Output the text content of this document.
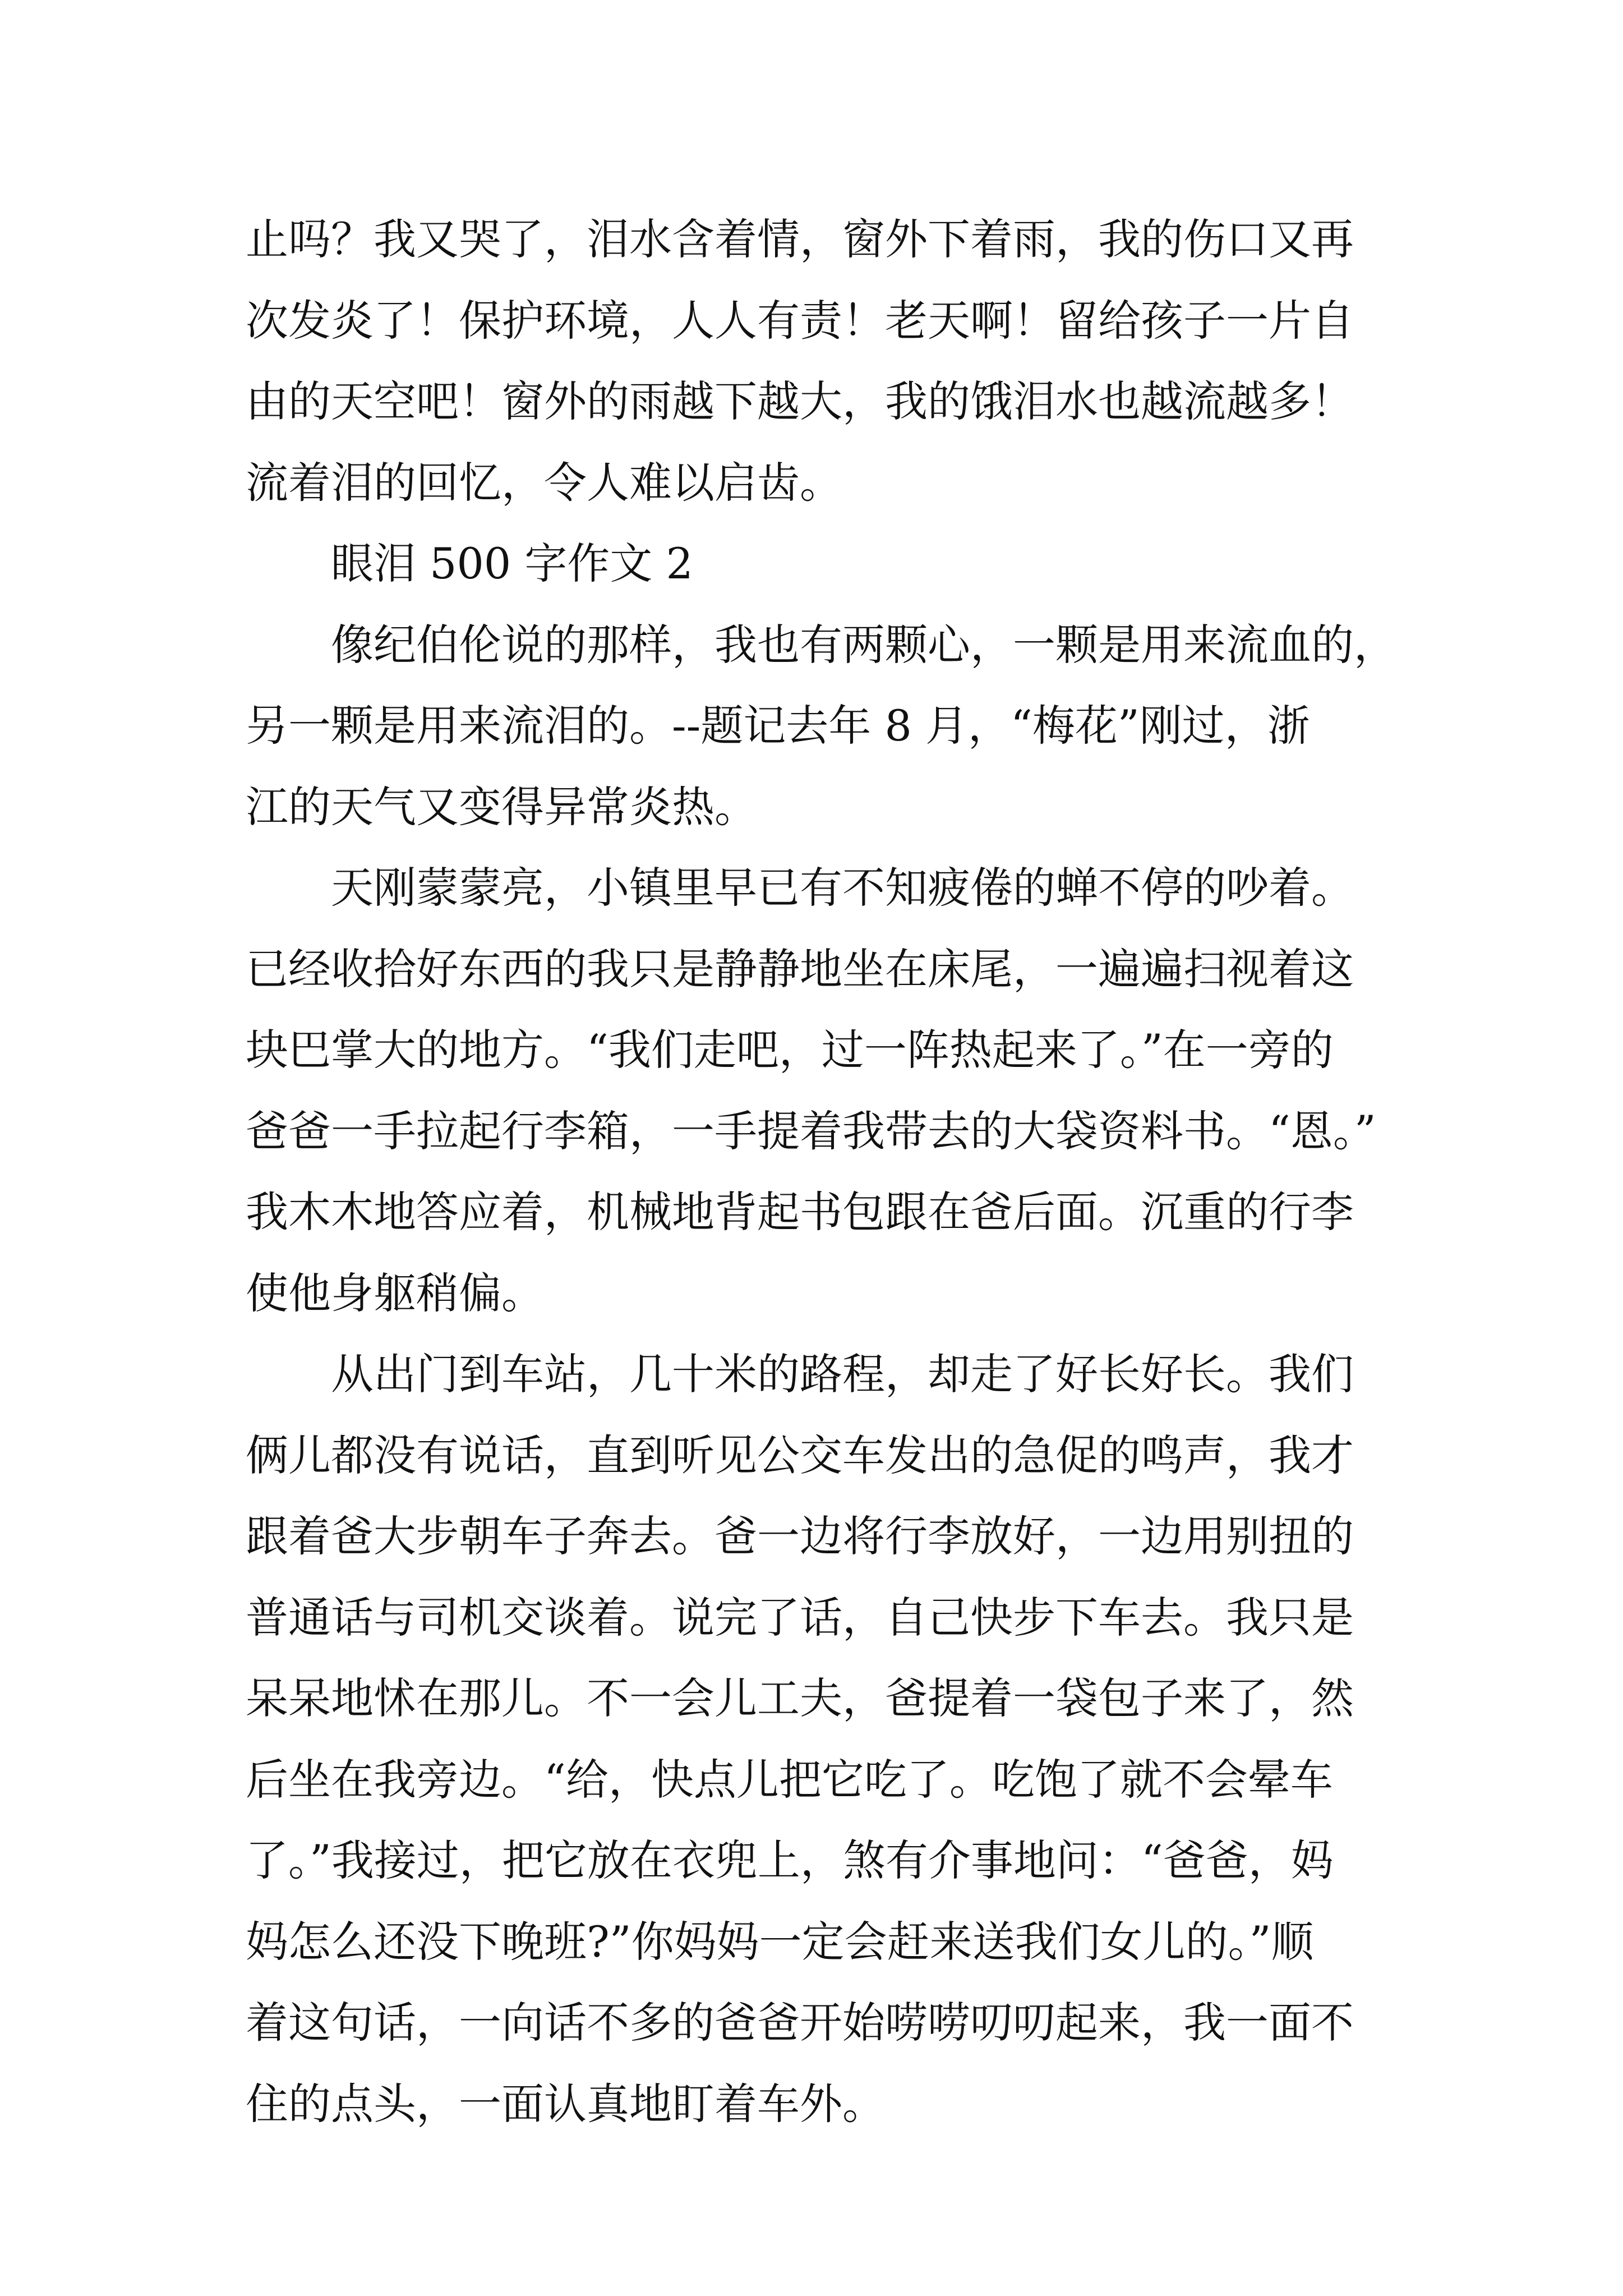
止吗？我又哭了，泪水含着情，窗外下着雨，我的伤口又再
次发炎了！保护环境，人人有责！老天啊！留给孩子一片自
由的天空吧！窗外的雨越下越大，我的饿泪水也越流越多！
流着泪的回忆，令人难以启齿。
眼泪 500 字作文 2
像纪伯伦说的那样，我也有两颗心，一颗是用来流血的，
另一颗是用来流泪的。--题记去年 8 月，“梅花”刚过，浙
江的天气又变得异常炎热。
天刚蒙蒙亮，小镇里早已有不知疲倦的蝉不停的吵着。
已经收拾好东西的我只是静静地坐在床尾，一遍遍扫视着这
块巴掌大的地方。“我们走吧，过一阵热起来了。”在一旁的
爸爸一手拉起行李箱，一手提着我带去的大袋资料书。“恩。”
我木木地答应着，机械地背起书包跟在爸后面。沉重的行李
使他身躯稍偏。
从出门到车站，几十米的路程，却走了好长好长。我们
俩儿都没有说话，直到听见公交车发出的急促的鸣声，我才
跟着爸大步朝车子奔去。爸一边将行李放好，一边用别扭的
普通话与司机交谈着。说完了话，自己快步下车去。我只是
呆呆地怵在那儿。不一会儿工夫，爸提着一袋包子来了，然
后坐在我旁边。“给，快点儿把它吃了。吃饱了就不会晕车
了。”我接过，把它放在衣兜上，煞有介事地问：“爸爸，妈
妈怎么还没下晚班?”你妈妈一定会赶来送我们女儿的。”顺
着这句话，一向话不多的爸爸开始唠唠叨叨起来，我一面不
住的点头，一面认真地盯着车外。
